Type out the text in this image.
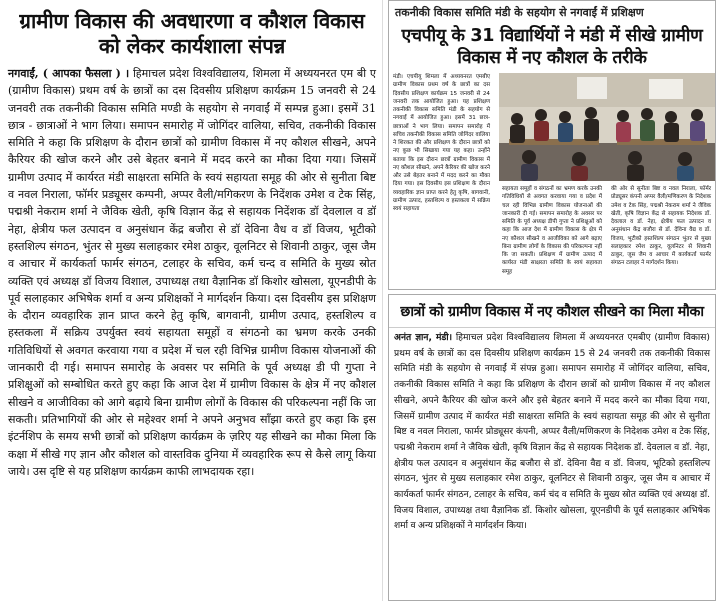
ग्रामीण विकास की अवधारणा व कौशल विकास को लेकर कार्यशाला संपन्न
नगवाईं, ( आपका फैसला ) । हिमाचल प्रदेश विश्वविद्यालय, शिमला में अध्ययनरत एम बी ए (ग्रामीण विकास) प्रथम वर्ष के छात्रों का दस दिवसीय प्रशिक्षण कार्यक्रम 15 जनवरी से 24 जनवरी तक तकनीकी विकास समिति मण्डी के सहयोग से नगवाईं में सम्पन्न हुआ। इसमें 31 छात्र - छात्राओं ने भाग लिया। समापन समारोह में जोगिंदर वालिया, सचिव, तकनीकी विकास समिति ने कहा कि प्रशिक्षण के दौरान छात्रों को ग्रामीण विकास में नए कौशल सीखने, अपने कैरियर की खोज करने और उसे बेहतर बनाने में मदद करने का मौका दिया गया। जिसमें ग्रामीण उत्पाद में कार्यरत मंडी साक्षरता समिति के स्वयं सहायता समूह की ओर से सुनीता बिष्ट व नवल निराला, फॉर्मर प्रड्यूसर कम्पनी, अप्पर वैली/मगिकरण के निदेंशक उमेश व टेक सिंह, पद्मश्री नेकराम शर्मा ने जैविक खेती, कृषि विज्ञान केंद्र से सहायक निदेंशक डॉ देवलाल व डॉ नेहा, क्षेत्रीय फल उत्पादन व अनुसंधान केंद्र बजौरा से डॉ देविना वैध व डॉ विजय, भूटीको हस्तशिल्प संगठन, भुंतर से मुख्य सलाहकार रमेश ठाकुर, वूलनिटर से शिवानी ठाकुर, जूस जैम व आचार में कार्यकर्ता फार्मर संगठन, टलाहर के सचिव, कर्म चन्द व समिति के मुख्य स्रोत व्यक्ति एवं अध्यक्ष डॉ विजय विशाल, उपाध्यक्ष तथा वैज्ञानिक डॉ किशोर खोसला, यूएनडीपी के पूर्व सलाहकार अभिषेक शर्मा व अन्य प्रशिक्षकों ने मार्गदर्शन किया। दस दिवसीय इस प्रशिक्षण के दौरान व्यवहारिक ज्ञान प्राप्त करने हेतु कृषि, बागवानी, ग्रामीण उत्पाद, हस्तशिल्प व हस्तकला में सक्रिय उपर्युक्त स्वयं सहायता समूहों व संगठनो का भ्रमण करके उनकी गतिविधियों से अवगत करवाया गया व प्रदेश में चल रही विभिन्न ग्रामीण विकास योजनाओं की जानकारी दी गई। समापन समारोह के अवसर पर समिति के पूर्व अध्यक्ष डी पी गुप्ता ने प्रशिक्षुओं को सम्बोधित करते हुए कहा कि आज देश में ग्रामीण विकास के क्षेत्र में नए कौशल सीखने व आजीविका को आगे बढ़ाये बिना ग्रामीण लोगों के विकास की परिकल्पना नहीं कि जा सकती। प्रतिभागियों की ओर से महेश्वर शर्मा ने अपने अनुभव साँझा करते हुए कहा कि इस इंटर्नशिप के समय सभी छात्रों को प्रशिक्षण कार्यक्रम के ज़रिए यह सीखने का मौका मिला कि कक्षा में सीखे गए ज्ञान और कौशल को वास्तविक दुनिया में व्यवहारिक रूप से कैसे लागू किया जाये। उस दृष्टि से यह प्रशिक्षण कार्यक्रम काफी लाभदायक रहा।
तकनीकी विकास समिति मंडी के सहयोग से नगवाईं में प्रशिक्षण
एचपीयू के 31 विद्यार्थियों ने मंडी में सीखे ग्रामीण विकास में नए कौशल के तरीके
मंडी। एचपीयू शिमला में अध्ययनरत एमबीए ग्रामीण विकास प्रथम वर्ष के छात्रों का दस दिवसीय प्रशिक्षण कार्यक्रम 15 जनवरी से 24 जनवरी तक आयोजित हुआ। यह प्रशिक्षण तकनीकी विकास समिति मंडी के सहयोग से नगवाईं में आयोजित हुआ। इसमें 31 छात्र-छात्राओं ने भाग लिया। समापन समारोह में सचिव तकनीकी विकास समिति जोगिंदर वालिया ने शिरकत की और प्रशिक्षण के दौरान छात्रों को नए कुछ भी सिखाया गया यह कहा। उन्होंने बताया कि इस दौरान छात्रों ग्रामीण विकास में नए कौशल सीखने, अपने कैरियर की खोज करने और उसे बेहतर बनाने में मदद करने का मौका दिया गया। इस दिवसीय इस प्रशिक्षण के दौरान व्यवहारिक ज्ञान प्राप्त करने हेतु कृषि, बागवानी, ग्रामीण उत्पाद, हस्तशिल्प व हस्तकला में सक्रिय स्वयं सहायता
सहायता समूहों व संगठनों का भ्रमण करके उनकी गतिविधियों से अवगत करवाया गया व प्रदेश में चल रही विभिन्न ग्रामीण विकास योजनाओं की जानकारी दी गई। समापन समारोह के अवसर पर समिति के पूर्व अध्यक्ष डीपी गुप्ता ने प्रशिक्षुओं को कहा कि आज देश में ग्रामीण विकास के क्षेत्र में नए कौशल सीखने व आजीविका को आगे बढ़ाए बिना ग्रामीण लोगों के विकास की परिकल्पना नहीं कि जा सकती। प्रशिक्षण में ग्रामीण उत्पाद में कार्यरत मंडी साक्षरता समिति के स्वयं सहायता समूह
की ओर से सुनीता बिष्ट व नवल निराला, फॉर्मर प्रोड्यूसर कंपनी अप्पर वैली/मणिकरण के निदेशक उमेश व टेक सिंह, पद्मश्री नेकराम शर्मा ने जैविक खेती, कृषि विज्ञान केंद्र से सहायक निदेशक डॉ. देवलाल व डॉ. नेहा, क्षेत्रीय फल उत्पादन व अनुसंधान केंद्र बजौरा से डॉ. देविना वैद्य व डॉ. विजय, भूटीको हस्तशिल्प संगठन भुंतर से मुख्य सलाहकार रमेश ठाकुर, वूलनिटर से शिवानी ठाकुर, जूस जैम व आचार में कार्यकर्ता फार्मर संगठन टलाहर ने मार्गदर्शन किया।
छात्रों को ग्रामीण विकास में नए कौशल सीखने का मिला मौका
अनंत ज्ञान, मंडी। हिमाचल प्रदेश विश्वविद्यालय शिमला में अध्ययनरत एमबीए (ग्रामीण विकास) प्रथम वर्ष के छात्रों का दस दिवसीय प्रशिक्षण कार्यक्रम 15 से 24 जनवरी तक तकनीकी विकास समिति मंडी के सहयोग से नगवाईं में संपन्न हुआ। समापन समारोह में जोगिंदर वालिया, सचिव, तकनीकी विकास समिति ने कहा कि प्रशिक्षण के दौरान छात्रों को ग्रामीण विकास में नए कौशल सीखने, अपने कैरियर की खोज करने और इसे बेहतर बनाने में मदद करने का मौका दिया गया, जिसमें ग्रामीण उत्पाद में कार्यरत मंडी साक्षरता समिति के स्वयं सहायता समूह की ओर से सुनीता बिष्ट व नवल निराला, फार्मर प्रोड्यूसर कंपनी, अप्पर वैली/मणिकरण के निदेशक उमेश व टेक सिंह, पद्मश्री नेकराम शर्मा ने जैविक खेती, कृषि विज्ञान केंद्र से सहायक निदेशक डॉ. देवलाल व डॉ. नेहा, क्षेत्रीय फल उत्पादन व अनुसंधान केंद्र बजौरा से डॉ. देविना वैद्य व डॉ. विजय, भूटिको हस्तशिल्प संगठन, भुंतर से मुख्य सलाहकार रमेश ठाकुर, वूलनिटर से शिवानी ठाकुर, जूस जैम व आचार में कार्यकर्ता फार्मर संगठन, टलाहर के सचिव, कर्म चंद व समिति के मुख्य स्रोत व्यक्ति एवं अध्यक्ष डॉ. विजय विशाल, उपाध्यक्ष तथा वैज्ञानिक डॉ. किशोर खोसला, यूएनडीपी के पूर्व सलाहकार अभिषेक शर्मा व अन्य प्रशिक्षकों ने मार्गदर्शन किया।
